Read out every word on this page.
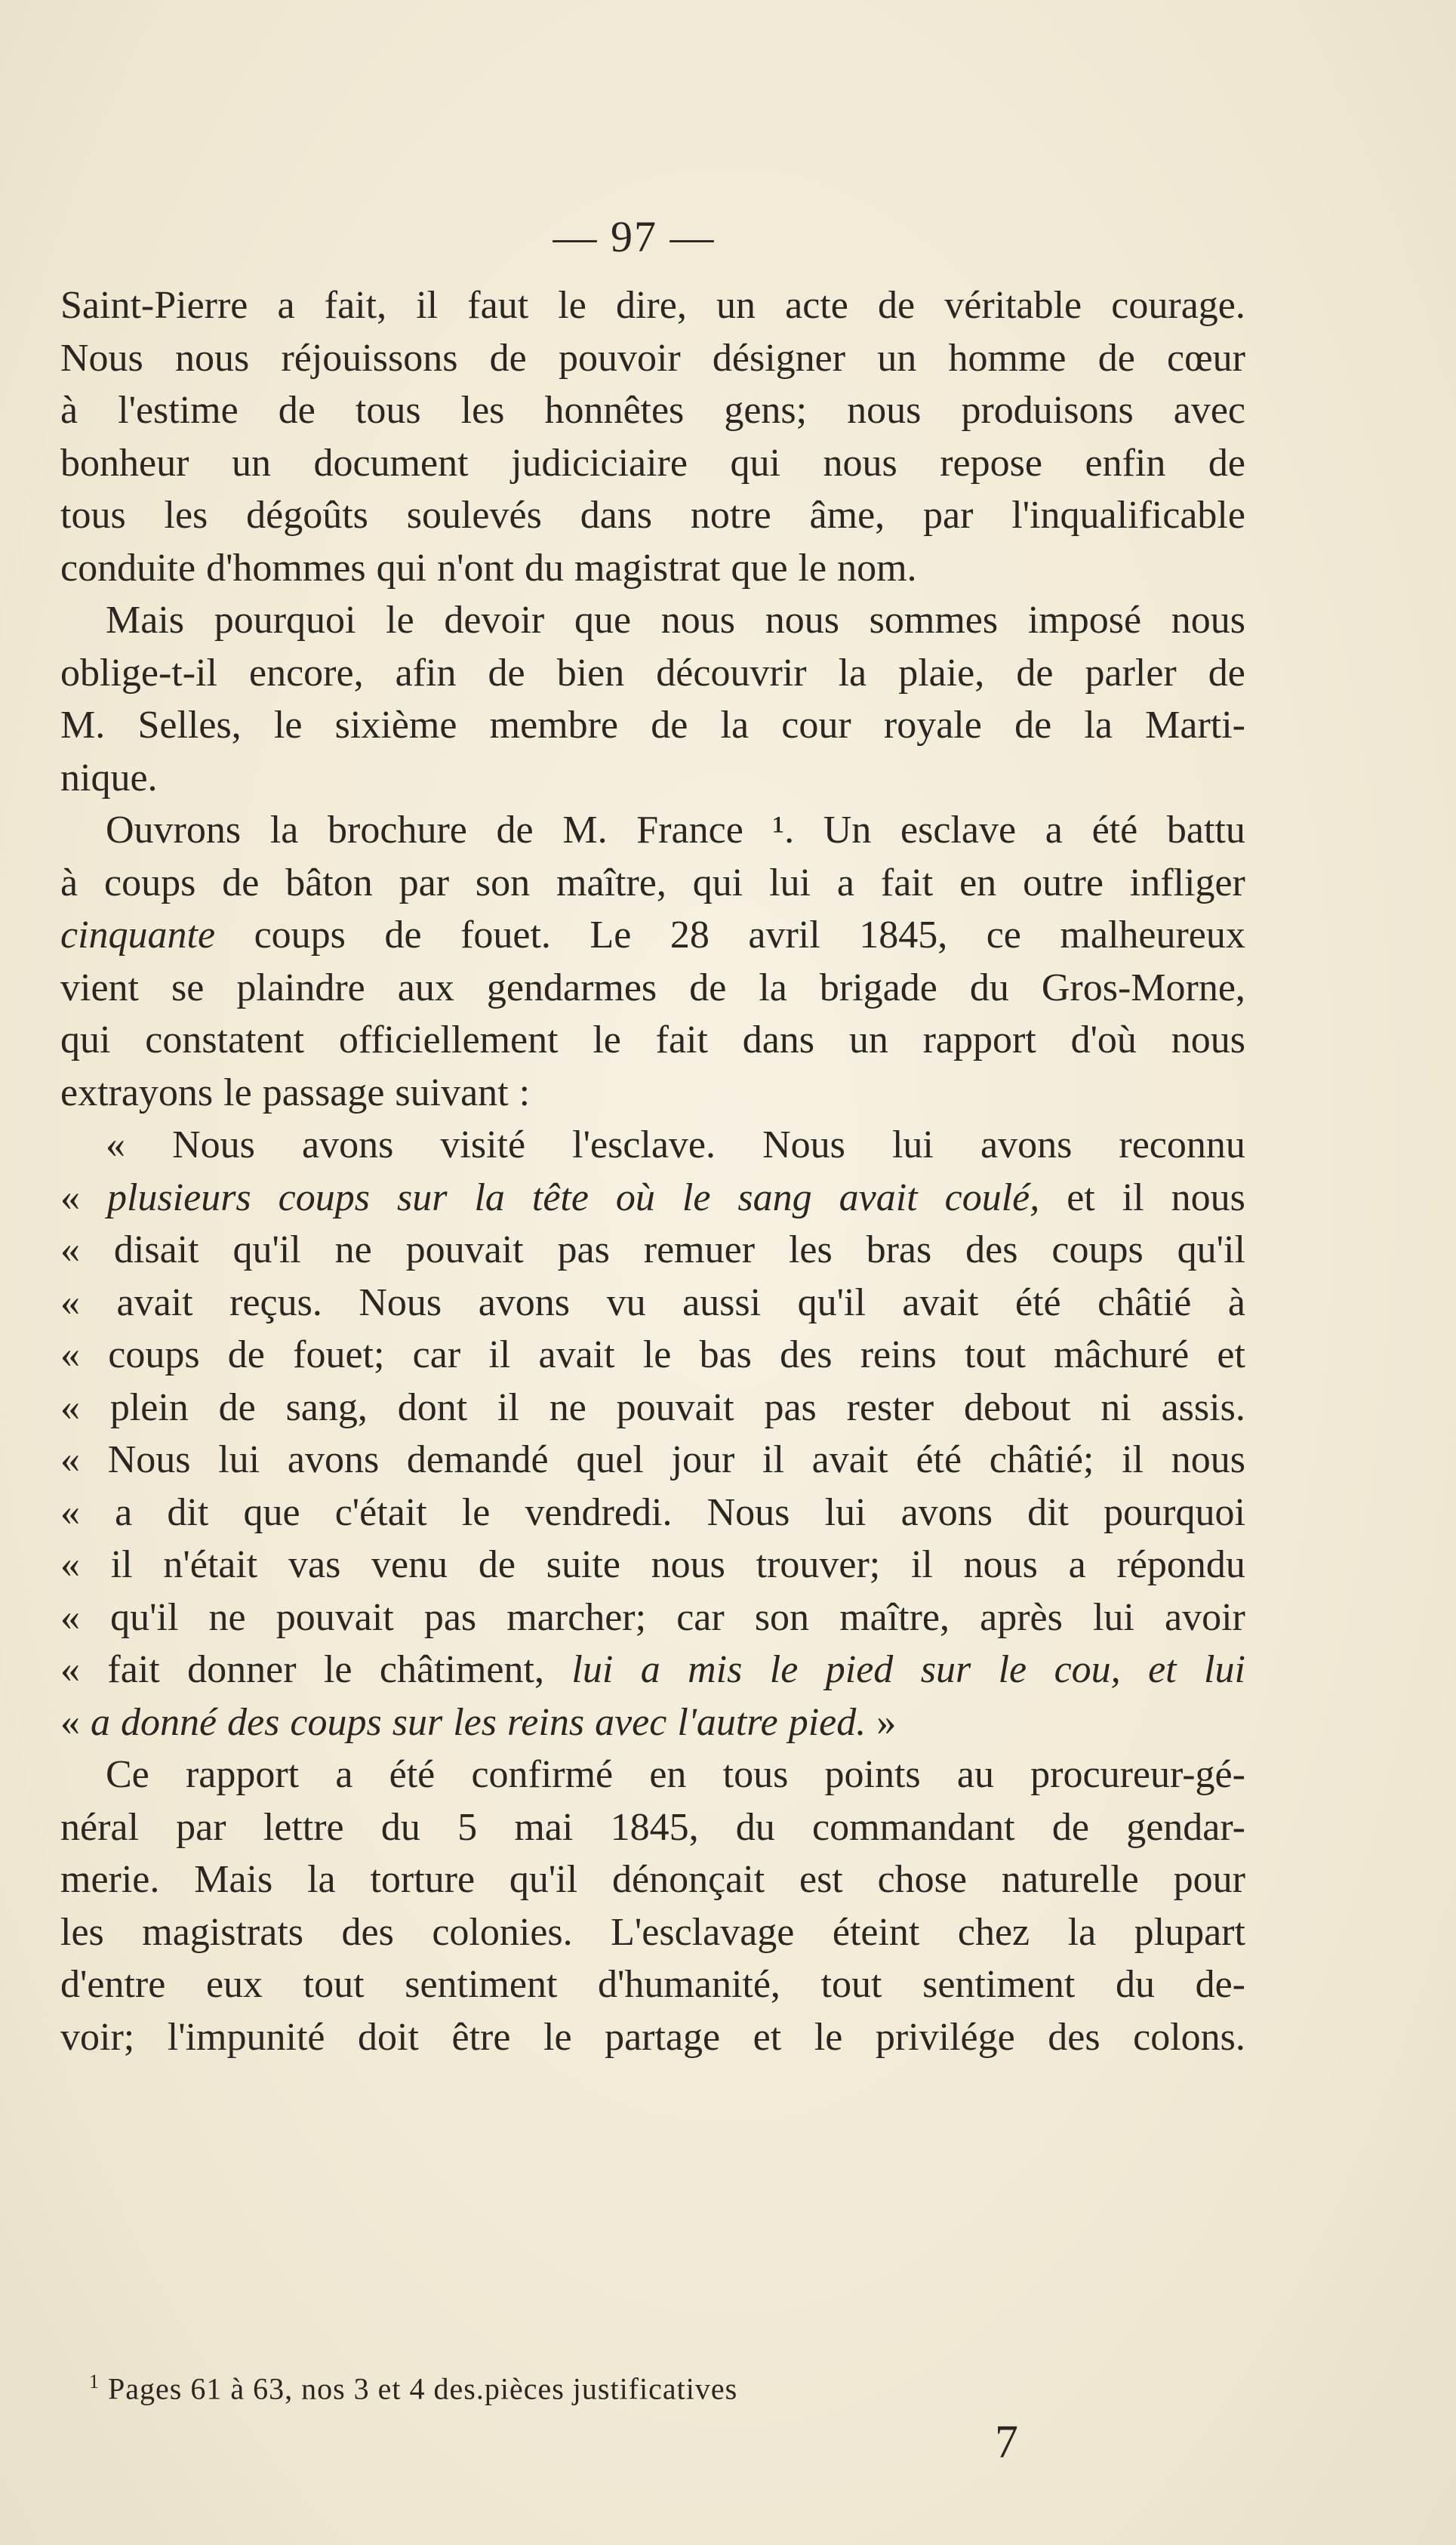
— 97 —
Saint-Pierre a fait, il faut le dire, un acte de véritable courage.
Nous nous réjouissons de pouvoir désigner un homme de cœur
à l'estime de tous les honnêtes gens; nous produisons avec
bonheur un document judiciciaire qui nous repose enfin de
tous les dégoûts soulevés dans notre âme, par l'inqualificable
conduite d'hommes qui n'ont du magistrat que le nom.
Mais pourquoi le devoir que nous nous sommes imposé nous
oblige-t-il encore, afin de bien découvrir la plaie, de parler de
M. Selles, le sixième membre de la cour royale de la Marti-
nique.
Ouvrons la brochure de M. France ¹. Un esclave a été battu
à coups de bâton par son maître, qui lui a fait en outre infliger
cinquante coups de fouet. Le 28 avril 1845, ce malheureux
vient se plaindre aux gendarmes de la brigade du Gros-Morne,
qui constatent officiellement le fait dans un rapport d'où nous
extrayons le passage suivant :
« Nous avons visité l'esclave. Nous lui avons reconnu
« plusieurs coups sur la tête où le sang avait coulé, et il nous
« disait qu'il ne pouvait pas remuer les bras des coups qu'il
« avait reçus. Nous avons vu aussi qu'il avait été châtié à
« coups de fouet; car il avait le bas des reins tout mâchuré et
« plein de sang, dont il ne pouvait pas rester debout ni assis.
« Nous lui avons demandé quel jour il avait été châtié; il nous
« a dit que c'était le vendredi. Nous lui avons dit pourquoi
« il n'était vas venu de suite nous trouver; il nous a répondu
« qu'il ne pouvait pas marcher; car son maître, après lui avoir
« fait donner le châtiment, lui a mis le pied sur le cou, et lui
« a donné des coups sur les reins avec l'autre pied. »
Ce rapport a été confirmé en tous points au procureur-gé-
néral par lettre du 5 mai 1845, du commandant de gendar-
merie. Mais la torture qu'il dénonçait est chose naturelle pour
les magistrats des colonies. L'esclavage éteint chez la plupart
d'entre eux tout sentiment d'humanité, tout sentiment du de-
voir; l'impunité doit être le partage et le privilége des colons.
$^1$ Pages 61 à 63, nos 3 et 4 des.pièces justificatives
7
